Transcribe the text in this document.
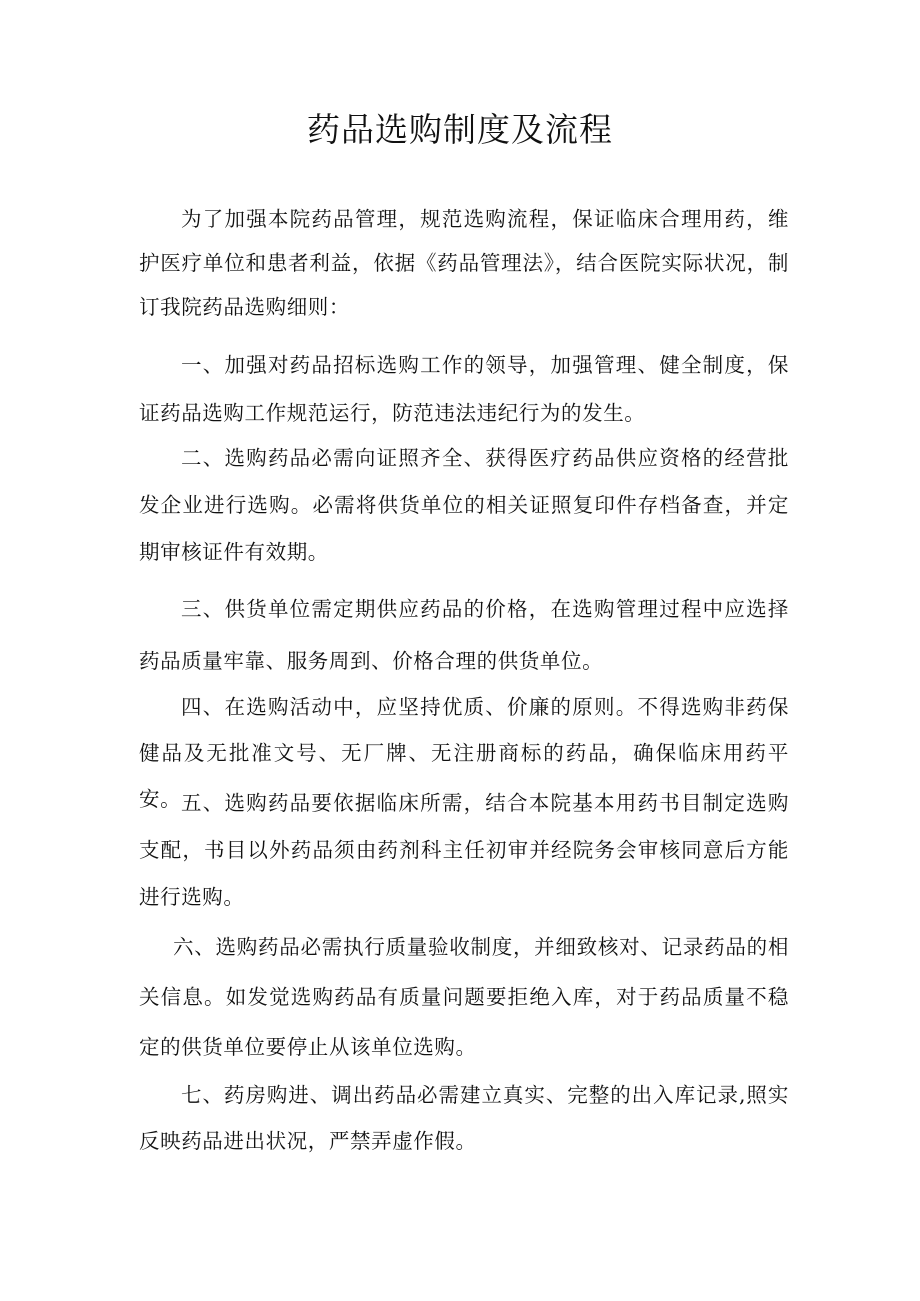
药品选购制度及流程

为了加强本院药品管理，规范选购流程，保证临床合理用药，维护医疗单位和患者利益，依据《药品管理法》，结合医院实际状况，制订我院药品选购细则：

一、加强对药品招标选购工作的领导，加强管理、健全制度，保证药品选购工作规范运行，防范违法违纪行为的发生。

二、选购药品必需向证照齐全、获得医疗药品供应资格的经营批发企业进行选购。必需将供货单位的相关证照复印件存档备查，并定期审核证件有效期。

三、供货单位需定期供应药品的价格，在选购管理过程中应选择药品质量牢靠、服务周到、价格合理的供货单位。

四、在选购活动中，应坚持优质、价廉的原则。不得选购非药保健品及无批准文号、无厂牌、无注册商标的药品，确保临床用药平安。 五、选购药品要依据临床所需，结合本院基本用药书目制定选购支配，书目以外药品须由药剂科主任初审并经院务会审核同意后方能进行选购。

六、选购药品必需执行质量验收制度，并细致核对、记录药品的相关信息。如发觉选购药品有质量问题要拒绝入库，对于药品质量不稳定的供货单位要停止从该单位选购。

七、药房购进、调出药品必需建立真实、完整的出入库记录,照实反映药品进出状况，严禁弄虚作假。
